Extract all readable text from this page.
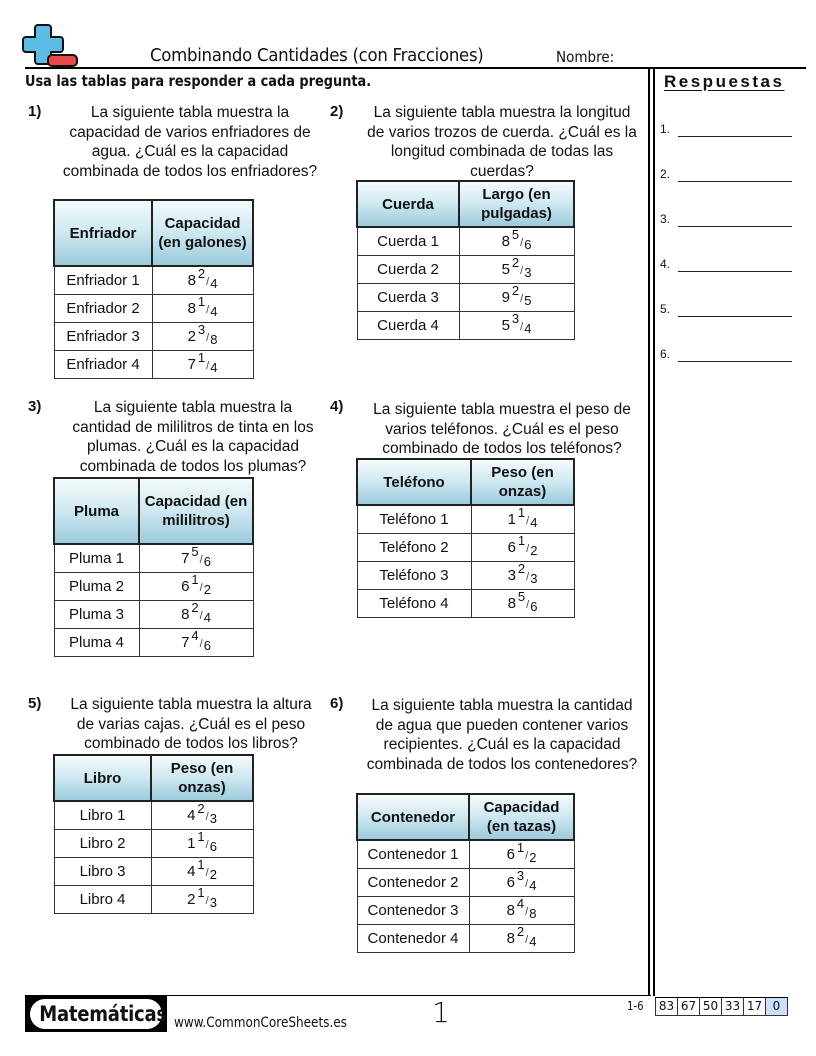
Combinando Cantidades (con Fracciones)	Nombre:
Usa las tablas para responder a cada pregunta.	Respuestas
1.
2.
3.
4.
5.
6.
1)	La siguiente tabla muestra la capacidad de varios enfriadores de agua. ¿Cuál es la capacidad combinada de todos los enfriadores?
Enfriador	Capacidad (en galones)
Enfriador 1	8 2/4
Enfriador 2	8 1/4
Enfriador 3	2 3/8
Enfriador 4	7 1/4
2)	La siguiente tabla muestra la longitud de varios trozos de cuerda. ¿Cuál es la longitud combinada de todas las cuerdas?
Cuerda	Largo (en pulgadas)
Cuerda 1	8 5/6
Cuerda 2	5 2/3
Cuerda 3	9 2/5
Cuerda 4	5 3/4
3)	La siguiente tabla muestra la cantidad de mililitros de tinta en los plumas. ¿Cuál es la capacidad combinada de todos los plumas?
Pluma	Capacidad (en mililitros)
Pluma 1	7 5/6
Pluma 2	6 1/2
Pluma 3	8 2/4
Pluma 4	7 4/6
4)	La siguiente tabla muestra el peso de varios teléfonos. ¿Cuál es el peso combinado de todos los teléfonos?
Teléfono	Peso (en onzas)
Teléfono 1	1 1/4
Teléfono 2	6 1/2
Teléfono 3	3 2/3
Teléfono 4	8 5/6
5)	La siguiente tabla muestra la altura de varias cajas. ¿Cuál es el peso combinado de todos los libros?
Libro	Peso (en onzas)
Libro 1	4 2/3
Libro 2	1 1/6
Libro 3	4 1/2
Libro 4	2 1/3
6)	La siguiente tabla muestra la cantidad de agua que pueden contener varios recipientes. ¿Cuál es la capacidad combinada de todos los contenedores?
Contenedor	Capacidad (en tazas)
Contenedor 1	6 1/2
Contenedor 2	6 3/4
Contenedor 3	8 4/8
Contenedor 4	8 2/4
Matemáticas www.CommonCoreSheets.es	1	1-6	83 67 50 33 17 0
